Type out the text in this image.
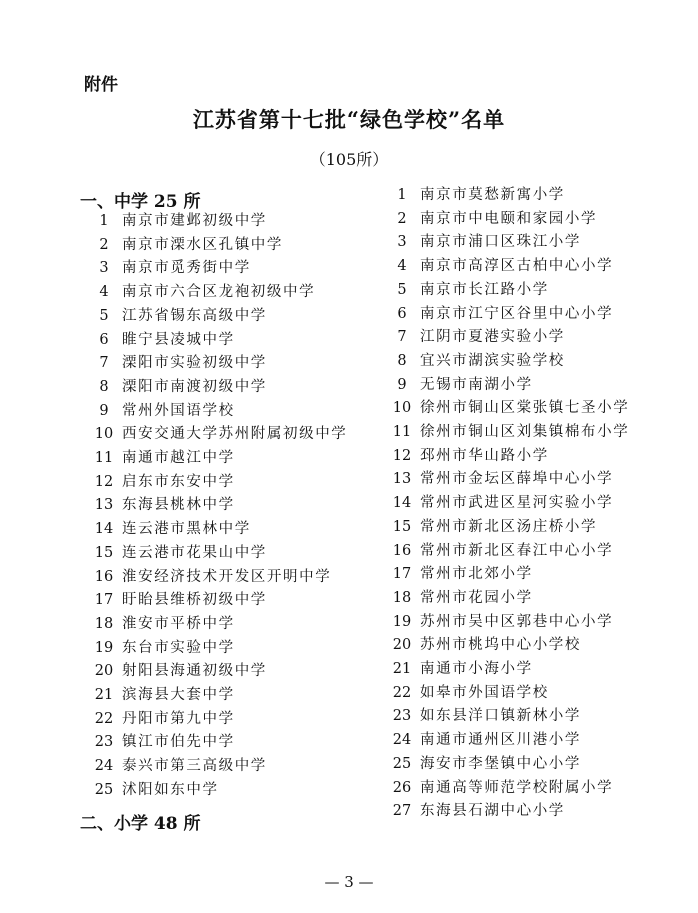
附件
江苏省第十七批“绿色学校”名单
（105所）
一、中学 25 所
1 南京市建邺初级中学
2 南京市溧水区孔镇中学
3 南京市觅秀街中学
4 南京市六合区龙袍初级中学
5 江苏省锡东高级中学
6 睢宁县凌城中学
7 溧阳市实验初级中学
8 溧阳市南渡初级中学
9 常州外国语学校
10 西安交通大学苏州附属初级中学
11 南通市越江中学
12 启东市东安中学
13 东海县桃林中学
14 连云港市黑林中学
15 连云港市花果山中学
16 淮安经济技术开发区开明中学
17 盱眙县维桥初级中学
18 淮安市平桥中学
19 东台市实验中学
20 射阳县海通初级中学
21 滨海县大套中学
22 丹阳市第九中学
23 镇江市伯先中学
24 泰兴市第三高级中学
25 沭阳如东中学
二、小学 48 所
1 南京市莫愁新寓小学
2 南京市中电颐和家园小学
3 南京市浦口区珠江小学
4 南京市高淳区古柏中心小学
5 南京市长江路小学
6 南京市江宁区谷里中心小学
7 江阴市夏港实验小学
8 宜兴市湖滨实验学校
9 无锡市南湖小学
10 徐州市铜山区棠张镇七圣小学
11 徐州市铜山区刘集镇棉布小学
12 邳州市华山路小学
13 常州市金坛区薛埠中心小学
14 常州市武进区星河实验小学
15 常州市新北区汤庄桥小学
16 常州市新北区春江中心小学
17 常州市北郊小学
18 常州市花园小学
19 苏州市吴中区郭巷中心小学
20 苏州市桃坞中心小学校
21 南通市小海小学
22 如皋市外国语学校
23 如东县洋口镇新林小学
24 南通市通州区川港小学
25 海安市李堡镇中心小学
26 南通高等师范学校附属小学
27 东海县石湖中心小学
— 3 —
